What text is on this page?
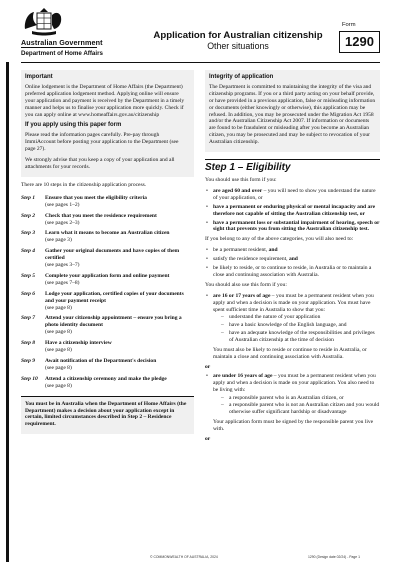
Australian Government
Department of Home Affairs
Application for Australian citizenship
Other situations
Form
1290
Important
Online lodgement is the Department of Home Affairs (the Department) preferred application lodgement method. Applying online will ensure your application and payment is received by the Department in a timely manner and helps us to finalise your application more quickly. Check if you can apply online at www.homeaffairs.gov.au/citizenship
If you apply using this paper form
Please read the information pages carefully. Pre-pay through ImmiAccount before posting your application to the Department (see page 27).
We strongly advise that you keep a copy of your application and all attachments for your records.
There are 10 steps in the citizenship application process.
Step 1	Ensure that you meet the eligibility criteria
(see pages 1–2)
Step 2	Check that you meet the residence requirement
(see pages 2–3)
Step 3	Learn what it means to become an Australian citizen
(see page 3)
Step 4	Gather your original documents and have copies of them certified
(see pages 3–7)
Step 5	Complete your application form and online payment
(see pages 7–8)
Step 6	Lodge your application, certified copies of your documents and your payment receipt
(see page 8)
Step 7	Attend your citizenship appointment – ensure you bring a photo identity document
(see page 8)
Step 8	Have a citizenship interview
(see page 8)
Step 9	Await notification of the Department's decision
(see page 8)
Step 10	Attend a citizenship ceremony and make the pledge
(see page 8)
You must be in Australia when the Department of Home Affairs (the Department) makes a decision about your application except in certain, limited circumstances described in Step 2 – Residence requirement.
Integrity of application
The Department is committed to maintaining the integrity of the visa and citizenship programs. If you or a third party acting on your behalf provide, or have provided in a previous application, false or misleading information or documents (either knowingly or otherwise), this application may be refused. In addition, you may be prosecuted under the Migration Act 1958 and/or the Australian Citizenship Act 2007. If information or documents are found to be fraudulent or misleading after you become an Australian citizen, you may be prosecuted and may be subject to revocation of your Australian citizenship.
Step 1 – Eligibility
You should use this form if you:
• are aged 60 and over – you will need to show you understand the nature of your application, or
• have a permanent or enduring physical or mental incapacity and are therefore not capable of sitting the Australian citizenship test, or
• have a permanent loss or substantial impairment of hearing, speech or sight that prevents you from sitting the Australian citizenship test.
If you belong to any of the above categories, you will also need to:
• be a permanent resident, and
• satisfy the residence requirement, and
• be likely to reside, or to continue to reside, in Australia or to maintain a close and continuing association with Australia.
You should also use this form if you:
• are 16 or 17 years of age – you must be a permanent resident when you apply and when a decision is made on your application. You must have spent sufficient time in Australia to show that you:
– understand the nature of your application
– have a basic knowledge of the English language, and
– have an adequate knowledge of the responsibilities and privileges of Australian citizenship at the time of decision
You must also be likely to reside or continue to reside in Australia, or maintain a close and continuing association with Australia.
or
• are under 16 years of age – you must be a permanent resident when you apply and when a decision is made on your application. You also need to be living with:
– a responsible parent who is an Australian citizen, or
– a responsible parent who is not an Australian citizen and you would otherwise suffer significant hardship or disadvantage
Your application form must be signed by the responsible parent you live with.
or
© COMMONWEALTH OF AUSTRALIA, 2024	1290 (Design date 02/24) - Page 1
